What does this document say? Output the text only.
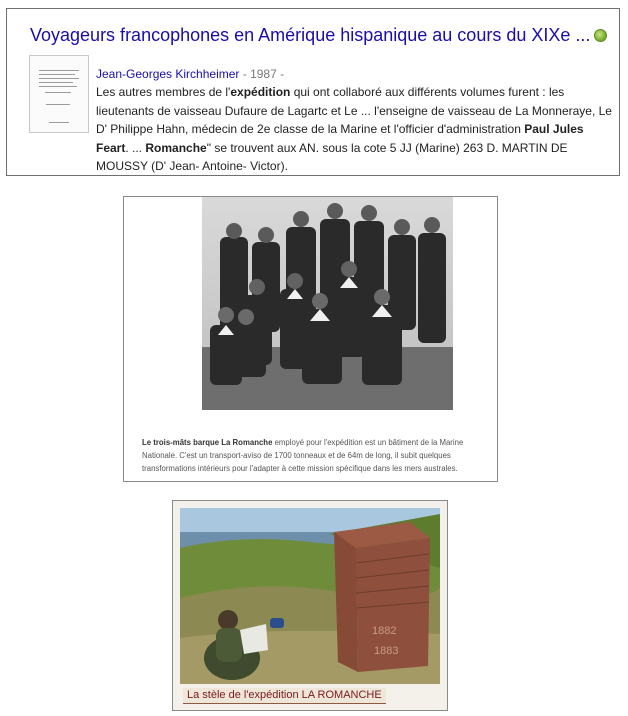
Voyageurs francophones en Amérique hispanique au cours du XIXe ...
Jean-Georges Kirchheimer - 1987 -

Les autres membres de l'expédition qui ont collaboré aux différents volumes furent : les lieutenants de vaisseau Dufaure de Lagartc et Le ... l'enseigne de vaisseau de La Monneraye, Le D' Philippe Hahn, médecin de 2e classe de la Marine et l'officier d'administration Paul Jules Feart. ... Romanche" se trouvent aux AN. sous la cote 5 JJ (Marine) 263 D. MARTIN DE MOUSSY (D' Jean- Antoine- Victor).

Le trois-mâts barque La Romanche employé pour l'expédition est un bâtiment de la Marine Nationale. C'est un transport-aviso de 1700 tonneaux et de 64m de long, il subit quelques transformations intérieurs pour l'adapter à cette mission spécifique dans les mers australes.

1882
1883
La stèle de l'expédition LA ROMANCHE
